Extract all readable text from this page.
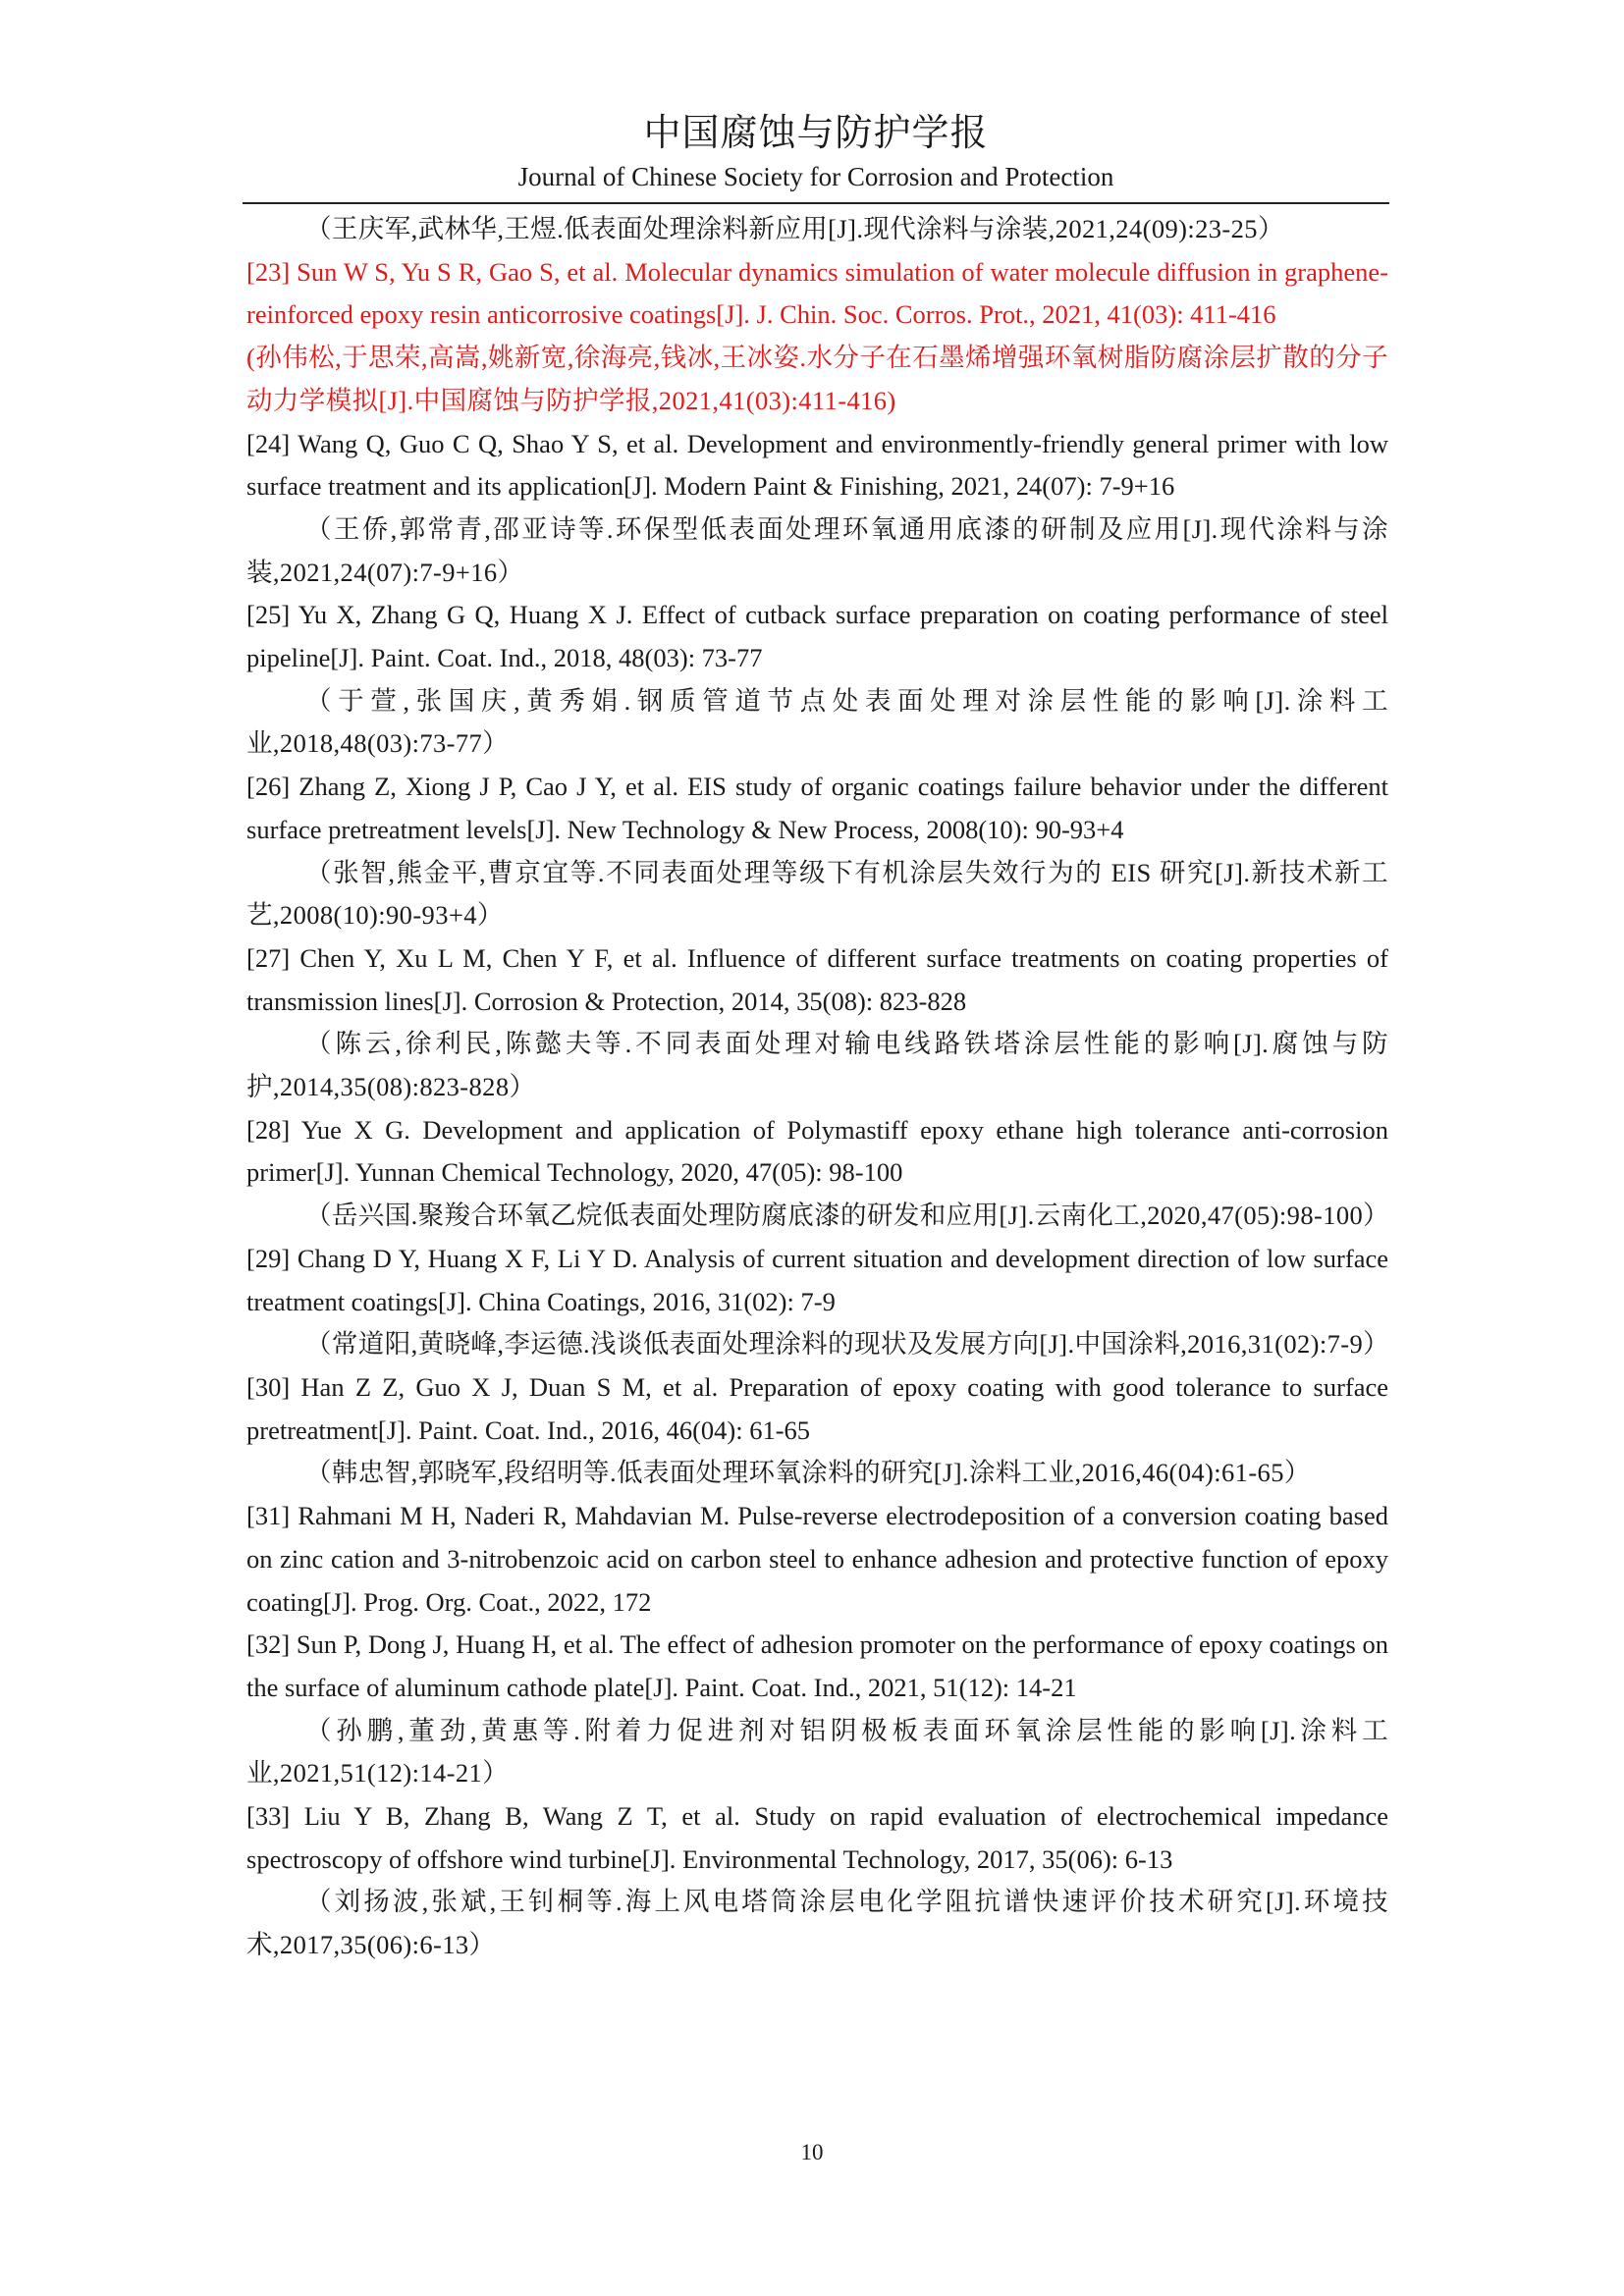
中国腐蚀与防护学报
Journal of Chinese Society for Corrosion and Protection

（王庆军,武林华,王煜.低表面处理涂料新应用[J].现代涂料与涂装,2021,24(09):23-25）

[23] Sun W S, Yu S R, Gao S, et al. Molecular dynamics simulation of water molecule diffusion in graphene-reinforced epoxy resin anticorrosive coatings[J]. J. Chin. Soc. Corros. Prot., 2021, 41(03): 411-416

(孙伟松,于思荣,高嵩,姚新宽,徐海亮,钱冰,王冰姿.水分子在石墨烯增强环氧树脂防腐涂层扩散的分子动力学模拟[J].中国腐蚀与防护学报,2021,41(03):411-416)

[24] Wang Q, Guo C Q, Shao Y S, et al. Development and environmently-friendly general primer with low surface treatment and its application[J]. Modern Paint & Finishing, 2021, 24(07): 7-9+16

（王侨,郭常青,邵亚诗等.环保型低表面处理环氧通用底漆的研制及应用[J].现代涂料与涂装,2021,24(07):7-9+16）

[25] Yu X, Zhang G Q, Huang X J. Effect of cutback surface preparation on coating performance of steel pipeline[J]. Paint. Coat. Ind., 2018, 48(03): 73-77

（于萱,张国庆,黄秀娟.钢质管道节点处表面处理对涂层性能的影响[J].涂料工业,2018,48(03):73-77）

[26] Zhang Z, Xiong J P, Cao J Y, et al. EIS study of organic coatings failure behavior under the different surface pretreatment levels[J]. New Technology & New Process, 2008(10): 90-93+4

（张智,熊金平,曹京宜等.不同表面处理等级下有机涂层失效行为的 EIS 研究[J].新技术新工艺,2008(10):90-93+4）

[27] Chen Y, Xu L M, Chen Y F, et al. Influence of different surface treatments on coating properties of transmission lines[J]. Corrosion & Protection, 2014, 35(08): 823-828

（陈云,徐利民,陈懿夫等.不同表面处理对输电线路铁塔涂层性能的影响[J].腐蚀与防护,2014,35(08):823-828）

[28] Yue X G. Development and application of Polymastiff epoxy ethane high tolerance anti-corrosion primer[J]. Yunnan Chemical Technology, 2020, 47(05): 98-100

（岳兴国.聚羧合环氧乙烷低表面处理防腐底漆的研发和应用[J].云南化工,2020,47(05):98-100）

[29] Chang D Y, Huang X F, Li Y D. Analysis of current situation and development direction of low surface treatment coatings[J]. China Coatings, 2016, 31(02): 7-9

（常道阳,黄晓峰,李运德.浅谈低表面处理涂料的现状及发展方向[J].中国涂料,2016,31(02):7-9）

[30] Han Z Z, Guo X J, Duan S M, et al. Preparation of epoxy coating with good tolerance to surface pretreatment[J]. Paint. Coat. Ind., 2016, 46(04): 61-65

（韩忠智,郭晓军,段绍明等.低表面处理环氧涂料的研究[J].涂料工业,2016,46(04):61-65）

[31] Rahmani M H, Naderi R, Mahdavian M. Pulse-reverse electrodeposition of a conversion coating based on zinc cation and 3-nitrobenzoic acid on carbon steel to enhance adhesion and protective function of epoxy coating[J]. Prog. Org. Coat., 2022, 172

[32] Sun P, Dong J, Huang H, et al. The effect of adhesion promoter on the performance of epoxy coatings on the surface of aluminum cathode plate[J]. Paint. Coat. Ind., 2021, 51(12): 14-21

（孙鹏,董劲,黄惠等.附着力促进剂对铝阴极板表面环氧涂层性能的影响[J].涂料工业,2021,51(12):14-21）

[33] Liu Y B, Zhang B, Wang Z T, et al. Study on rapid evaluation of electrochemical impedance spectroscopy of offshore wind turbine[J]. Environmental Technology, 2017, 35(06): 6-13

（刘扬波,张斌,王钊桐等.海上风电塔筒涂层电化学阻抗谱快速评价技术研究[J].环境技术,2017,35(06):6-13）

10
